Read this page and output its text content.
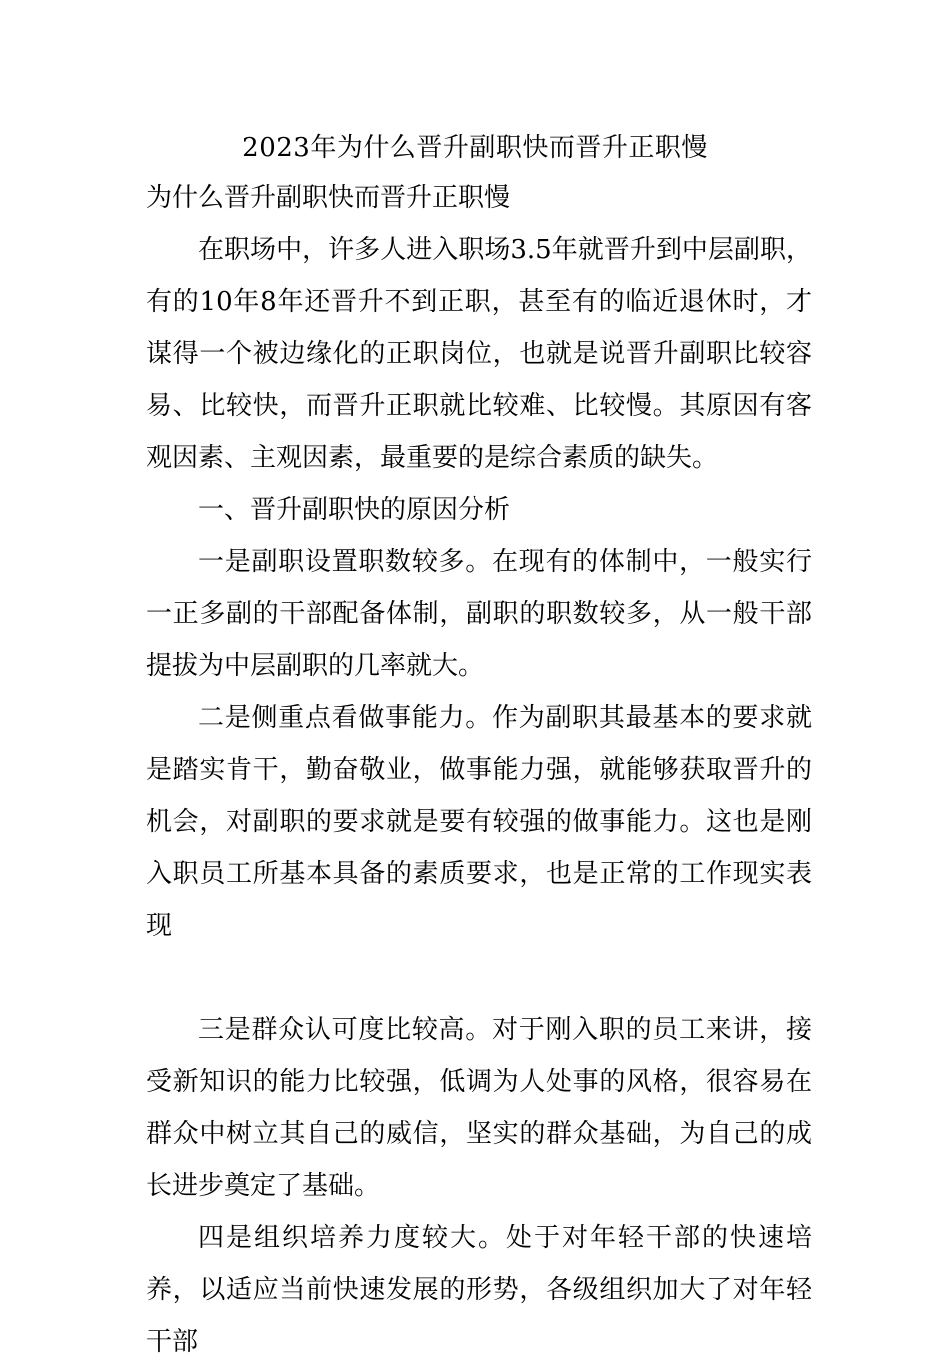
2023年为什么晋升副职快而晋升正职慢
为什么晋升副职快而晋升正职慢

在职场中，许多人进入职场3.5年就晋升到中层副职，有的10年8年还晋升不到正职，甚至有的临近退休时，才谋得一个被边缘化的正职岗位，也就是说晋升副职比较容易、比较快，而晋升正职就比较难、比较慢。其原因有客观因素、主观因素，最重要的是综合素质的缺失。

一、晋升副职快的原因分析

一是副职设置职数较多。在现有的体制中，一般实行一正多副的干部配备体制，副职的职数较多，从一般干部提拔为中层副职的几率就大。

二是侧重点看做事能力。作为副职其最基本的要求就是踏实肯干，勤奋敬业，做事能力强，就能够获取晋升的机会，对副职的要求就是要有较强的做事能力。这也是刚入职员工所基本具备的素质要求，也是正常的工作现实表现

三是群众认可度比较高。对于刚入职的员工来讲，接受新知识的能力比较强，低调为人处事的风格，很容易在群众中树立其自己的威信，坚实的群众基础，为自己的成长进步奠定了基础。

四是组织培养力度较大。处于对年轻干部的快速培养，以适应当前快速发展的形势，各级组织加大了对年轻干部
